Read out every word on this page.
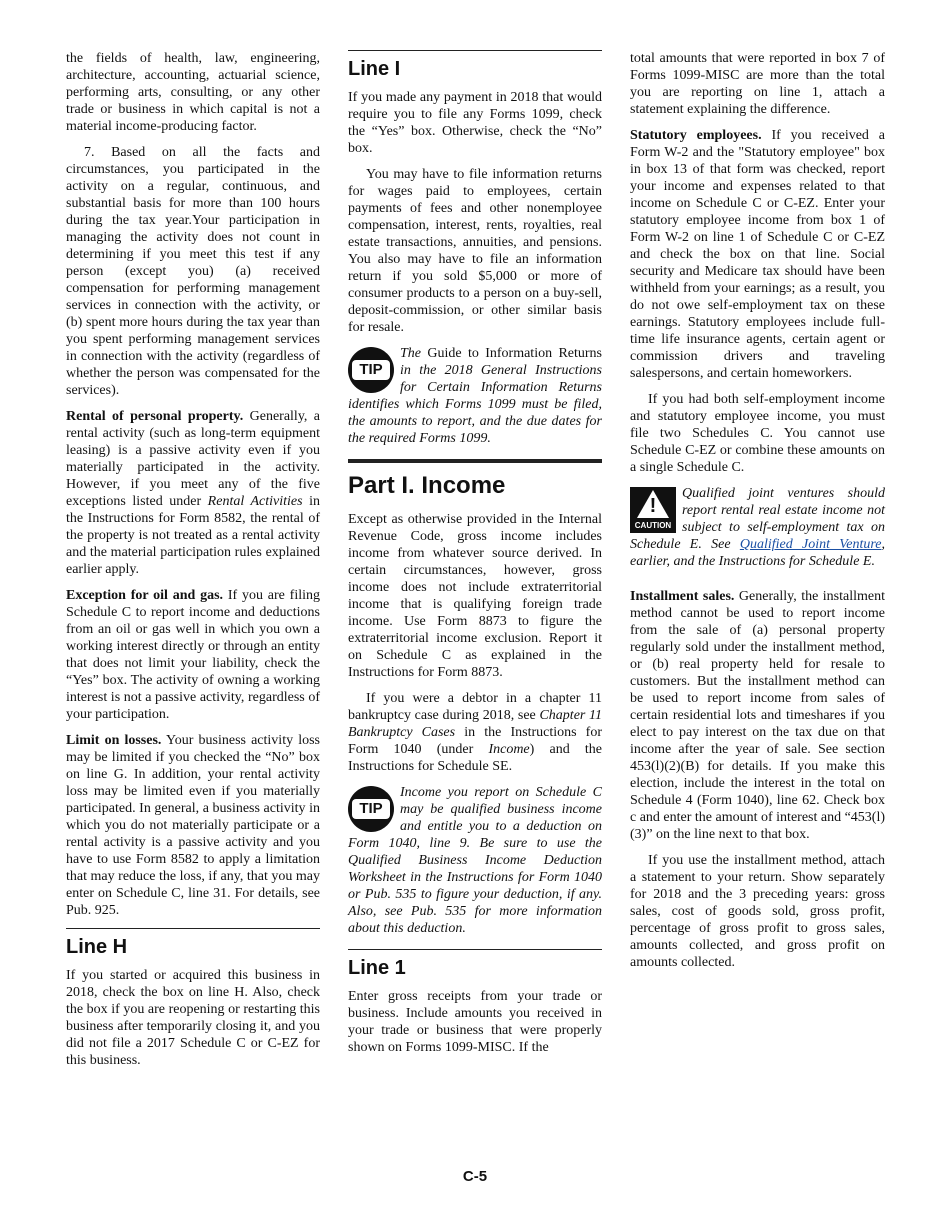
the fields of health, law, engineering, architecture, accounting, actuarial science, performing arts, consulting, or any other trade or business in which capital is not a material income-producing factor.

7. Based on all the facts and circumstances, you participated in the activity on a regular, continuous, and substantial basis for more than 100 hours during the tax year.Your participation in managing the activity does not count in determining if you meet this test if any person (except you) (a) received compensation for performing management services in connection with the activity, or (b) spent more hours during the tax year than you spent performing management services in connection with the activity (regardless of whether the person was compensated for the services).

Rental of personal property. Generally, a rental activity (such as long-term equipment leasing) is a passive activity even if you materially participated in the activity. However, if you meet any of the five exceptions listed under Rental Activities in the Instructions for Form 8582, the rental of the property is not treated as a rental activity and the material participation rules explained earlier apply.

Exception for oil and gas. If you are filing Schedule C to report income and deductions from an oil or gas well in which you own a working interest directly or through an entity that does not limit your liability, check the “Yes” box. The activity of owning a working interest is not a passive activity, regardless of your participation.

Limit on losses. Your business activity loss may be limited if you checked the “No” box on line G. In addition, your rental activity loss may be limited even if you materially participated. In general, a business activity in which you do not materially participate or a rental activity is a passive activity and you have to use Form 8582 to apply a limitation that may reduce the loss, if any, that you may enter on Schedule C, line 31. For details, see Pub. 925.

Line H

If you started or acquired this business in 2018, check the box on line H. Also, check the box if you are reopening or restarting this business after temporarily closing it, and you did not file a 2017 Schedule C or C-EZ for this business.

Line I

If you made any payment in 2018 that would require you to file any Forms 1099, check the “Yes” box. Otherwise, check the “No” box.

You may have to file information returns for wages paid to employees, certain payments of fees and other nonemployee compensation, interest, rents, royalties, real estate transactions, annuities, and pensions. You also may have to file an information return if you sold $5,000 or more of consumer products to a person on a buy-sell, deposit-commission, or other similar basis for resale.

TIP
The Guide to Information Returns in the 2018 General Instructions for Certain Information Returns identifies which Forms 1099 must be filed, the amounts to report, and the due dates for the required Forms 1099.
Part I. Income

Except as otherwise provided in the Internal Revenue Code, gross income includes income from whatever source derived. In certain circumstances, however, gross income does not include extraterritorial income that is qualifying foreign trade income. Use Form 8873 to figure the extraterritorial income exclusion. Report it on Schedule C as explained in the Instructions for Form 8873.

If you were a debtor in a chapter 11 bankruptcy case during 2018, see Chapter 11 Bankruptcy Cases in the Instructions for Form 1040 (under Income) and the Instructions for Schedule SE.

TIP
Income you report on Schedule C may be qualified business income and entitle you to a deduction on Form 1040, line 9. Be sure to use the Qualified Business Income Deduction Worksheet in the Instructions for Form 1040 or Pub. 535 to figure your deduction, if any. Also, see Pub. 535 for more information about this deduction.
Line 1

Enter gross receipts from your trade or business. Include amounts you received in your trade or business that were properly shown on Forms 1099-MISC. If the

total amounts that were reported in box 7 of Forms 1099-MISC are more than the total you are reporting on line 1, attach a statement explaining the difference.

Statutory employees. If you received a Form W-2 and the "Statutory employee" box in box 13 of that form was checked, report your income and expenses related to that income on Schedule C or C-EZ. Enter your statutory employee income from box 1 of Form W-2 on line 1 of Schedule C or C-EZ and check the box on that line. Social security and Medicare tax should have been withheld from your earnings; as a result, you do not owe self-employment tax on these earnings. Statutory employees include full-time life insurance agents, certain agent or commission drivers and traveling salespersons, and certain homeworkers.

If you had both self-employment income and statutory employee income, you must file two Schedules C. You cannot use Schedule C-EZ or combine these amounts on a single Schedule C.

!
CAUTION
Qualified joint ventures should report rental real estate income not subject to self-employment tax on Schedule E. See Qualified Joint Venture, earlier, and the Instructions for Schedule E.

Installment sales. Generally, the installment method cannot be used to report income from the sale of (a) personal property regularly sold under the installment method, or (b) real property held for resale to customers. But the installment method can be used to report income from sales of certain residential lots and timeshares if you elect to pay interest on the tax due on that income after the year of sale. See section 453(l)(2)(B) for details. If you make this election, include the interest in the total on Schedule 4 (Form 1040), line 62. Check box c and enter the amount of interest and “453(l)(3)” on the line next to that box.

If you use the installment method, attach a statement to your return. Show separately for 2018 and the 3 preceding years: gross sales, cost of goods sold, gross profit, percentage of gross profit to gross sales, amounts collected, and gross profit on amounts collected.

C-5
